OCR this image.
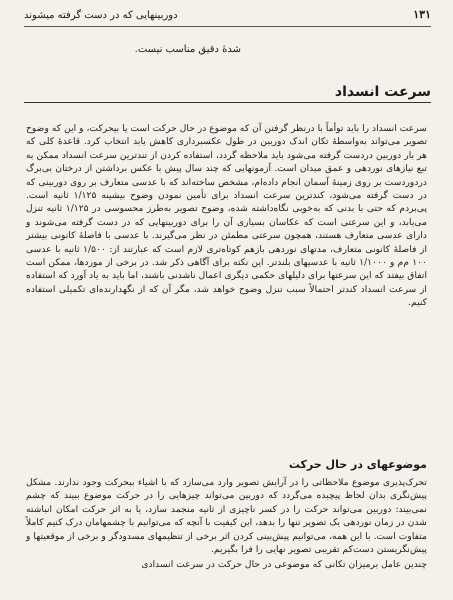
۱۳۱
دوربینهایی که در دست گرفته میشوند
شدهٔ دقیق مناسب نیست.
سرعت انسداد

سرعت انسداد را باید توأماً با درنظر گرفتن آن که موضوع در حال حرکت است یا بیحرکت، و این که وضوح تصویر می‌تواند به‌واسطهٔ تکان اندک دوربین در طول عکسبرداری کاهش یابد انتخاب کرد. قاعدهٔ کلی که هر بار دوربین دردست گرفته می‌شود باید ملاحظه گردد، استفاده کردن از تندترین سرعت انسداد ممکن به تبع نیازهای نوردهی و عمق میدان است. آزمونهایی که چند سال پیش با عکس برداشتن از درختان بی‌برگ دردوردست بر روی زمینهٔ آسمان انجام داده‌ام، مشخص ساخته‌اند که با عدسی متعارف بر روی دوربینی که در دست گرفته می‌شود، کندترین سرعت انسداد برای تأمین نمودن وضوح بیشینه ۱/۱۲۵ ثانیه است. پی‌بردم که حتی با بدنی که به‌خوبی نگاه‌داشته شده، وضوح تصویر به‌طرز محسوسی در ۱/۱۲۵ ثانیه تنزل می‌یابد، و این سرعتی است که عکاسان بسیاری آن را برای دوربینهایی که در دست گرفته می‌شوند و دارای عدسی متعارف هستند، همچون سرعتی مطمئن در نظر می‌گیرند. با عدسی با فاصلهٔ کانونی بیشتر از فاصلهٔ کانونی متعارف، مدتهای نوردهی بازهم کوتاه‌تری لازم است که عبارتند از: ۱/۵۰۰ ثانیه با عدسی ۱۰۰ م‌م و ۱/۱۰۰۰ ثانیه با عدسیهای بلندتر. این نکته برای آگاهی ذکر شد. در برخی از موردها، ممکن است اتفاق بیفتد که این سرعتها برای دلیلهای حکمی دیگری اعمال نا‌شدنی باشند، اما باید به یاد آورد که استفاده از سرعت انسداد کندتر احتمالاً سبب تنزل وضوح خواهد شد، مگر آن که از نگهدارنده‌ای تکمیلی استفاده کنیم.

موضوعهای در حال حرکت

تحرک‌پذیری موضوع ملاحظاتی را در آرایش تصویر وارد می‌سازد که با اشیاء بیحرکت وجود ندارند. مشکل پیش‌نگری بدان لحاظ پیچیده می‌گردد که دوربین می‌تواند چیزهایی را در حرکت موضوع ببیند که چشم نمی‌بیند: دوربین می‌تواند حرکت را در کسر ناچیزی از ثانیه منجمد سازد، یا به اثر حرکت امکان انباشته شدن در زمان نوردهی یک تصویر تنها را بدهد، این کیفیت با آنچه که می‌توانیم با چشمهامان درک کنیم کاملاً متفاوت است. با این همه، می‌توانیم پیش‌بینی کردن اثر برخی از تنظیمهای مسدودگر و برخی از موقعیتها و پیش‌نگریستن دست‌کم تقریبی تصویر نهایی را فرا بگیریم.

چندین عامل برمیزان تکانی که موضوعی در حال حرکت در سرعت انسدادی
